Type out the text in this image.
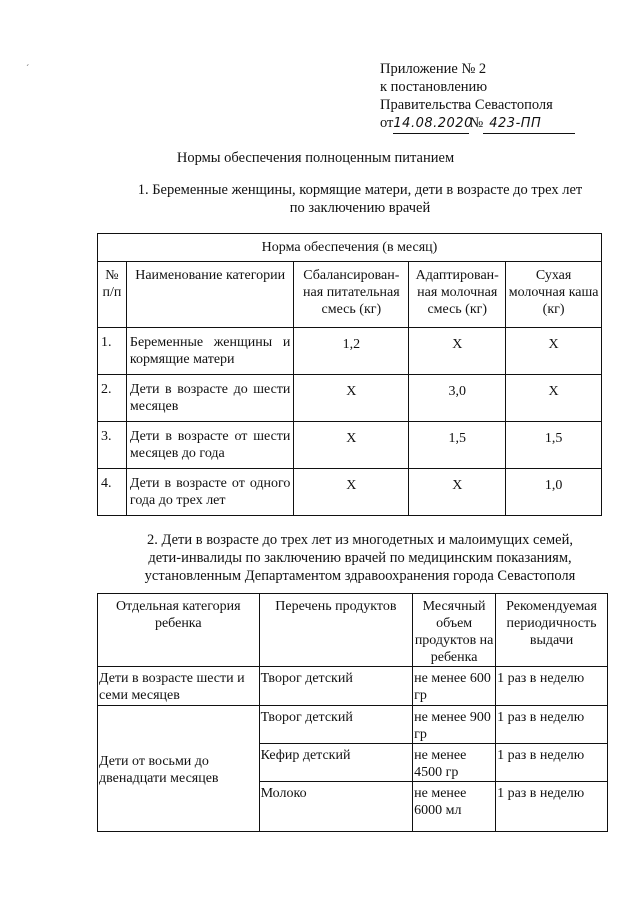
´	Приложение № 2
к постановлению
Правительства Севастополя
от14.08.2020№ 423-ПП
Нормы обеспечения полноценным питанием
1. Беременные женщины, кормящие матери, дети в возрасте до трех лет
по заключению врачей
Норма обеспечения (в месяц)				
№ п/п	Наименование категории	Сбалансирован-ная питательная смесь (кг)	Адаптирован-ная молочная смесь (кг)	Сухая молочная каша (кг)
1.	Беременные женщины и кормящие матери	1,2	Х	Х
2.	Дети в возрасте до шести месяцев	Х	3,0	Х
3.	Дети в возрасте от шести месяцев до года	Х	1,5	1,5
4.	Дети в возрасте от одного года до трех лет	Х	Х	1,0
2. Дети в возрасте до трех лет из многодетных и малоимущих семей,
дети-инвалиды по заключению врачей по медицинским показаниям,
установленным Департаментом здравоохранения города Севастополя
Отдельная категория ребенка	Перечень продуктов	Месячный объем продуктов на ребенка	Рекомендуемая периодичность выдачи
Дети в возрасте шести и семи месяцев	Творог детский	не менее 600 гр	1 раз в неделю
Дети от восьми до двенадцати месяцев	Творог детский	не менее 900 гр	1 раз в неделю
	Кефир детский	не менее 4500 гр	1 раз в неделю
	Молоко	не менее 6000 мл	1 раз в неделю
